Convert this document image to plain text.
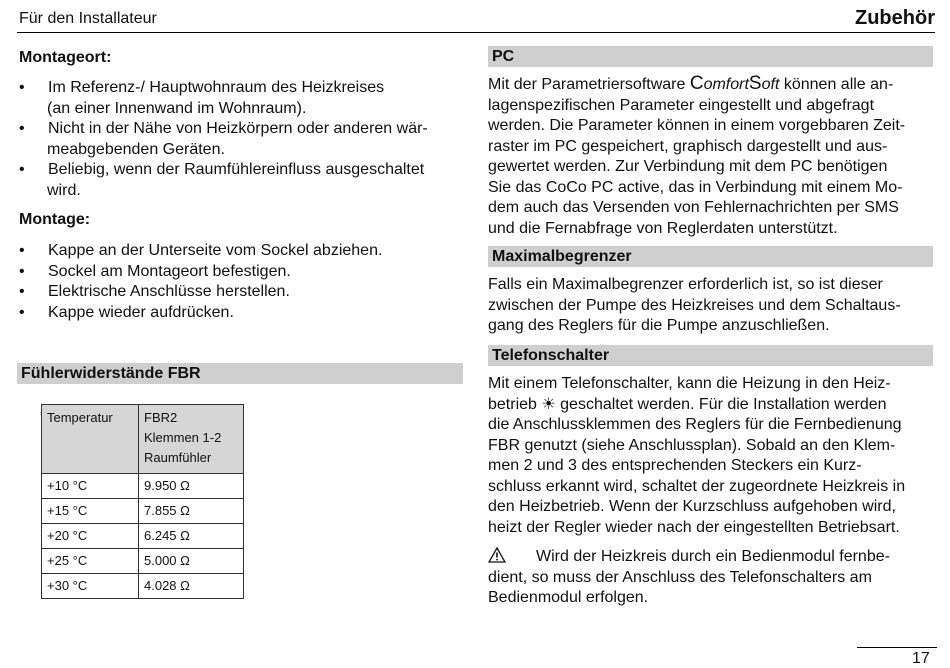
Für den Installateur	Zubehör
Montageort:
• Im Referenz-/ Hauptwohnraum des Heizkreises
(an einer Innenwand im Wohnraum).
• Nicht in der Nähe von Heizkörpern oder anderen wär-
meabgebenden Geräten.
• Beliebig, wenn der Raumfühlereinfluss ausgeschaltet
wird.
Montage:
• Kappe an der Unterseite vom Sockel abziehen.
• Sockel am Montageort befestigen.
• Elektrische Anschlüsse herstellen.
• Kappe wieder aufdrücken.
Fühlerwiderstände FBR
Temperatur	FBR2
Klemmen 1-2
Raumfühler

+10 °C	9.950 Ω
+15 °C	7.855 Ω
+20 °C	6.245 Ω
+25 °C	5.000 Ω
+30 °C	4.028 Ω
PC
Mit der Parametriersoftware ComfortSoft können alle an-
lagenspezifischen Parameter eingestellt und abgefragt
werden. Die Parameter können in einem vorgebbaren Zeit-
raster im PC gespeichert, graphisch dargestellt und aus-
gewertet werden. Zur Verbindung mit dem PC benötigen
Sie das CoCo PC active, das in Verbindung mit einem Mo-
dem auch das Versenden von Fehlernachrichten per SMS
und die Fernabfrage von Reglerdaten unterstützt.
Maximalbegrenzer
Falls ein Maximalbegrenzer erforderlich ist, so ist dieser
zwischen der Pumpe des Heizkreises und dem Schaltaus-
gang des Reglers für die Pumpe anzuschließen.
Telefonschalter
Mit einem Telefonschalter, kann die Heizung in den Heiz-
betrieb ☀ geschaltet werden. Für die Installation werden
die Anschlussklemmen des Reglers für die Fernbedienung
FBR genutzt (siehe Anschlussplan). Sobald an den Klem-
men 2 und 3 des entsprechenden Steckers ein Kurz-
schluss erkannt wird, schaltet der zugeordnete Heizkreis in
den Heizbetrieb. Wenn der Kurzschluss aufgehoben wird,
heizt der Regler wieder nach der eingestellten Betriebsart.
Wird der Heizkreis durch ein Bedienmodul fernbe-
dient, so muss der Anschluss des Telefonschalters am
Bedienmodul erfolgen.
17
